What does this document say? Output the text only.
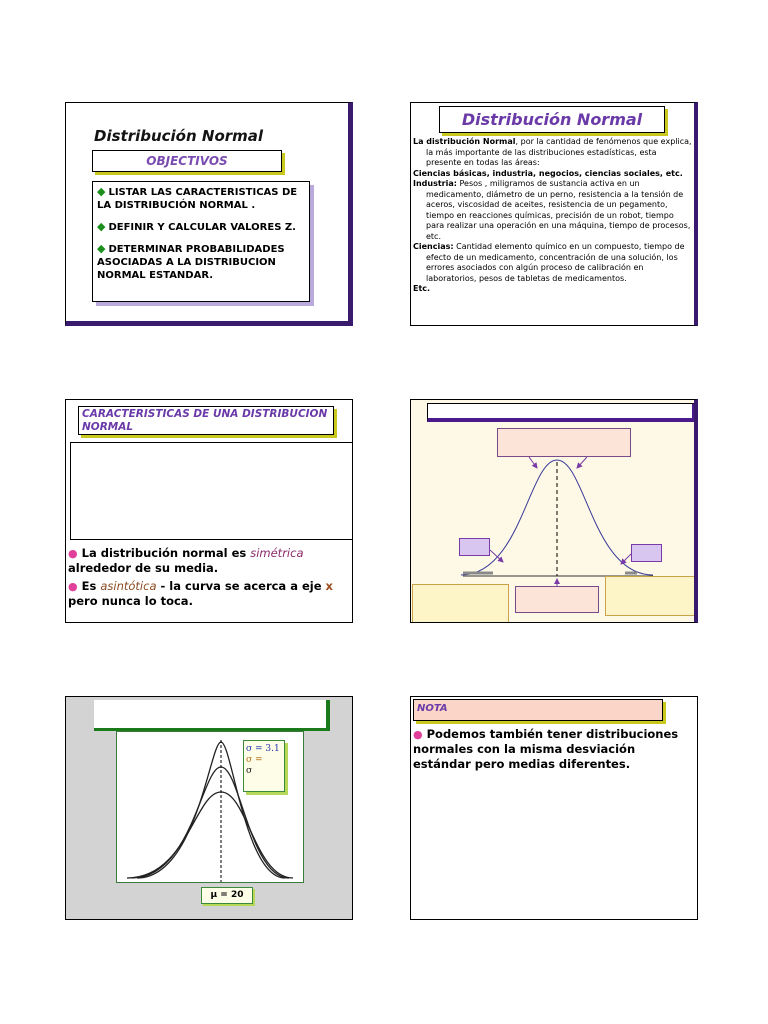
Distribución Normal
OBJECTIVOS
◆ LISTAR LAS CARACTERISTICAS DE LA DISTRIBUCIÓN NORMAL .
◆ DEFINIR Y CALCULAR VALORES Z.
◆ DETERMINAR PROBABILIDADES ASOCIADAS A LA DISTRIBUCION NORMAL ESTANDAR.
Distribución Normal

La distribución Normal, por la cantidad de fenómenos que explica, la más importante de las distribuciones estadísticas, esta presente en todas las áreas:

Ciencias básicas, industria, negocios, ciencias sociales, etc.

Industria: Pesos , miligramos de sustancia activa en un medicamento, diámetro de un perno, resistencia a la tensión de aceros, viscosidad de aceites, resistencia de un pegamento, tiempo en reacciones químicas, precisión de un robot, tiempo para realizar una operación en una máquina, tiempo de procesos, etc.

Ciencias: Cantidad elemento químico en un compuesto, tiempo de efecto de un medicamento, concentración de una solución, los errores asociados con algún proceso de calibración en laboratorios, pesos de tabletas de medicamentos.

Etc.

CARACTERISTICAS DE UNA DISTRIBUCION NORMAL

● La distribución normal es simétrica alrededor de su media.

● Es asintótica - la curva se acerca a eje x pero nunca lo toca.

σ = 3.1
σ =
σ
μ = 20
NOTA
● Podemos también tener distribuciones normales con la misma desviación estándar pero medias diferentes.
